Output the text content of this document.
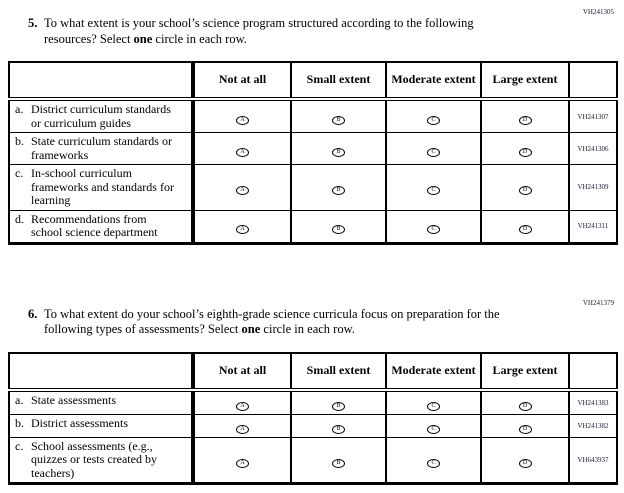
VH241305
5. To what extent is your school’s science program structured according to the following resources? Select one circle in each row.

	Not at all	Small extent	Moderate extent	Large extent	
a. District curriculum standards or curriculum guides	A	B	C	D	VH241307
b. State curriculum standards or frameworks	A	B	C	D	VH241306
c. In-school curriculum frameworks and standards for learning	A	B	C	D	VH241309
d. Recommendations from school science department	A	B	C	D	VH241311
VH241379
6. To what extent do your school’s eighth-grade science curricula focus on preparation for the following types of assessments? Select one circle in each row.

	Not at all	Small extent	Moderate extent	Large extent	
a. State assessments	A	B	C	D	VH241383
b. District assessments	A	B	C	D	VH241382
c. School assessments (e.g., quizzes or tests created by teachers)	A	B	C	D	VH643937
